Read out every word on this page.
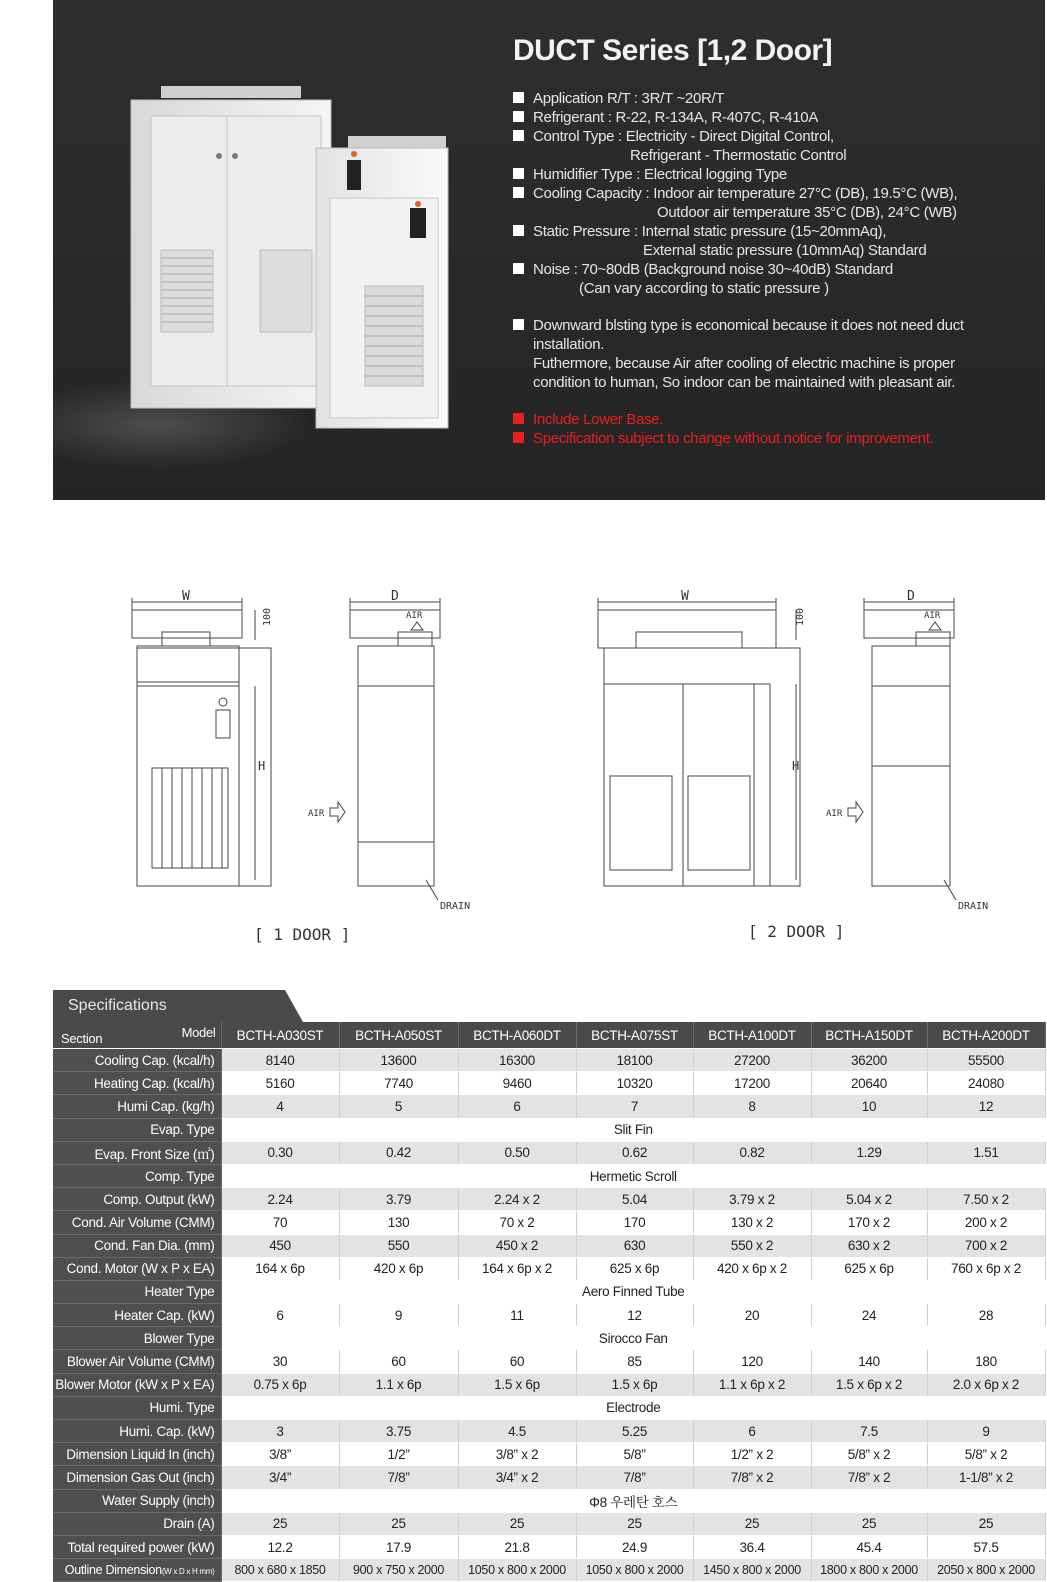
DUCT Series [1,2 Door]
Application R/T : 3R/T ~20R/T
Refrigerant : R-22, R-134A, R-407C, R-410A
Control Type : Electricity - Direct Digital Control,
Refrigerant - Thermostatic Control
Humidifier Type : Electrical logging Type
Cooling Capacity : Indoor air temperature 27°C (DB), 19.5°C (WB),
Outdoor air temperature 35°C (DB), 24°C (WB)
Static Pressure : Internal static pressure (15~20mmAq),
External static pressure (10mmAq) Standard
Noise : 70~80dB (Background noise 30~40dB) Standard
(Can vary according to static pressure )
Downward blsting type is economical because it does not need duct
installation.
Futhermore, because Air after cooling of electric machine is proper
condition to human, So indoor can be maintained with pleasant air.
Include Lower Base.
Specification subject to change without notice for improvement.
W	D
100
H
AIR
AIR
DRAIN
W	D
100
H
AIR
AIR
DRAIN
[ 1 DOOR ]	[ 2 DOOR ]
Specifications
Model
Section	BCTH-A030ST	BCTH-A050ST	BCTH-A060DT	BCTH-A075ST	BCTH-A100DT	BCTH-A150DT	BCTH-A200DT
Cooling Cap. (kcal/h)	8140	13600	16300	18100	27200	36200	55500
Heating Cap. (kcal/h)	5160	7740	9460	10320	17200	20640	24080
Humi Cap. (kg/h)	4	5	6	7	8	10	12
Evap. Type	Slit Fin						
Evap. Front Size (㎡)	0.30	0.42	0.50	0.62	0.82	1.29	1.51
Comp. Type	Hermetic Scroll						
Comp. Output (kW)	2.24	3.79	2.24 x 2	5.04	3.79 x 2	5.04 x 2	7.50 x 2
Cond. Air Volume (CMM)	70	130	70 x 2	170	130 x 2	170 x 2	200 x 2
Cond. Fan Dia. (mm)	450	550	450 x 2	630	550 x 2	630 x 2	700 x 2
Cond. Motor (W x P x EA)	164 x 6p	420 x 6p	164 x 6p x 2	625 x 6p	420 x 6p x 2	625 x 6p	760 x 6p x 2
Heater Type	Aero Finned Tube						
Heater Cap. (kW)	6	9	11	12	20	24	28
Blower Type	Sirocco Fan						
Blower Air Volume (CMM)	30	60	60	85	120	140	180
Blower Motor (kW x P x EA)	0.75 x 6p	1.1 x 6p	1.5 x 6p	1.5 x 6p	1.1 x 6p x 2	1.5 x 6p x 2	2.0 x 6p x 2
Humi. Type	Electrode						
Humi. Cap. (kW)	3	3.75	4.5	5.25	6	7.5	9
Dimension Liquid In (inch)	3/8”	1/2”	3/8” x 2	5/8”	1/2” x 2	5/8” x 2	5/8” x 2
Dimension Gas Out (inch)	3/4”	7/8”	3/4” x 2	7/8”	7/8” x 2	7/8” x 2	1-1/8” x 2
Water Supply (inch)	Φ8 우레탄 호스						
Drain (A)	25	25	25	25	25	25	25
Total required power (kW)	12.2	17.9	21.8	24.9	36.4	45.4	57.5
Outline Dimension(W x D x H mm)	800 x 680 x 1850	900 x 750 x 2000	1050 x 800 x 2000	1050 x 800 x 2000	1450 x 800 x 2000	1800 x 800 x 2000	2050 x 800 x 2000
